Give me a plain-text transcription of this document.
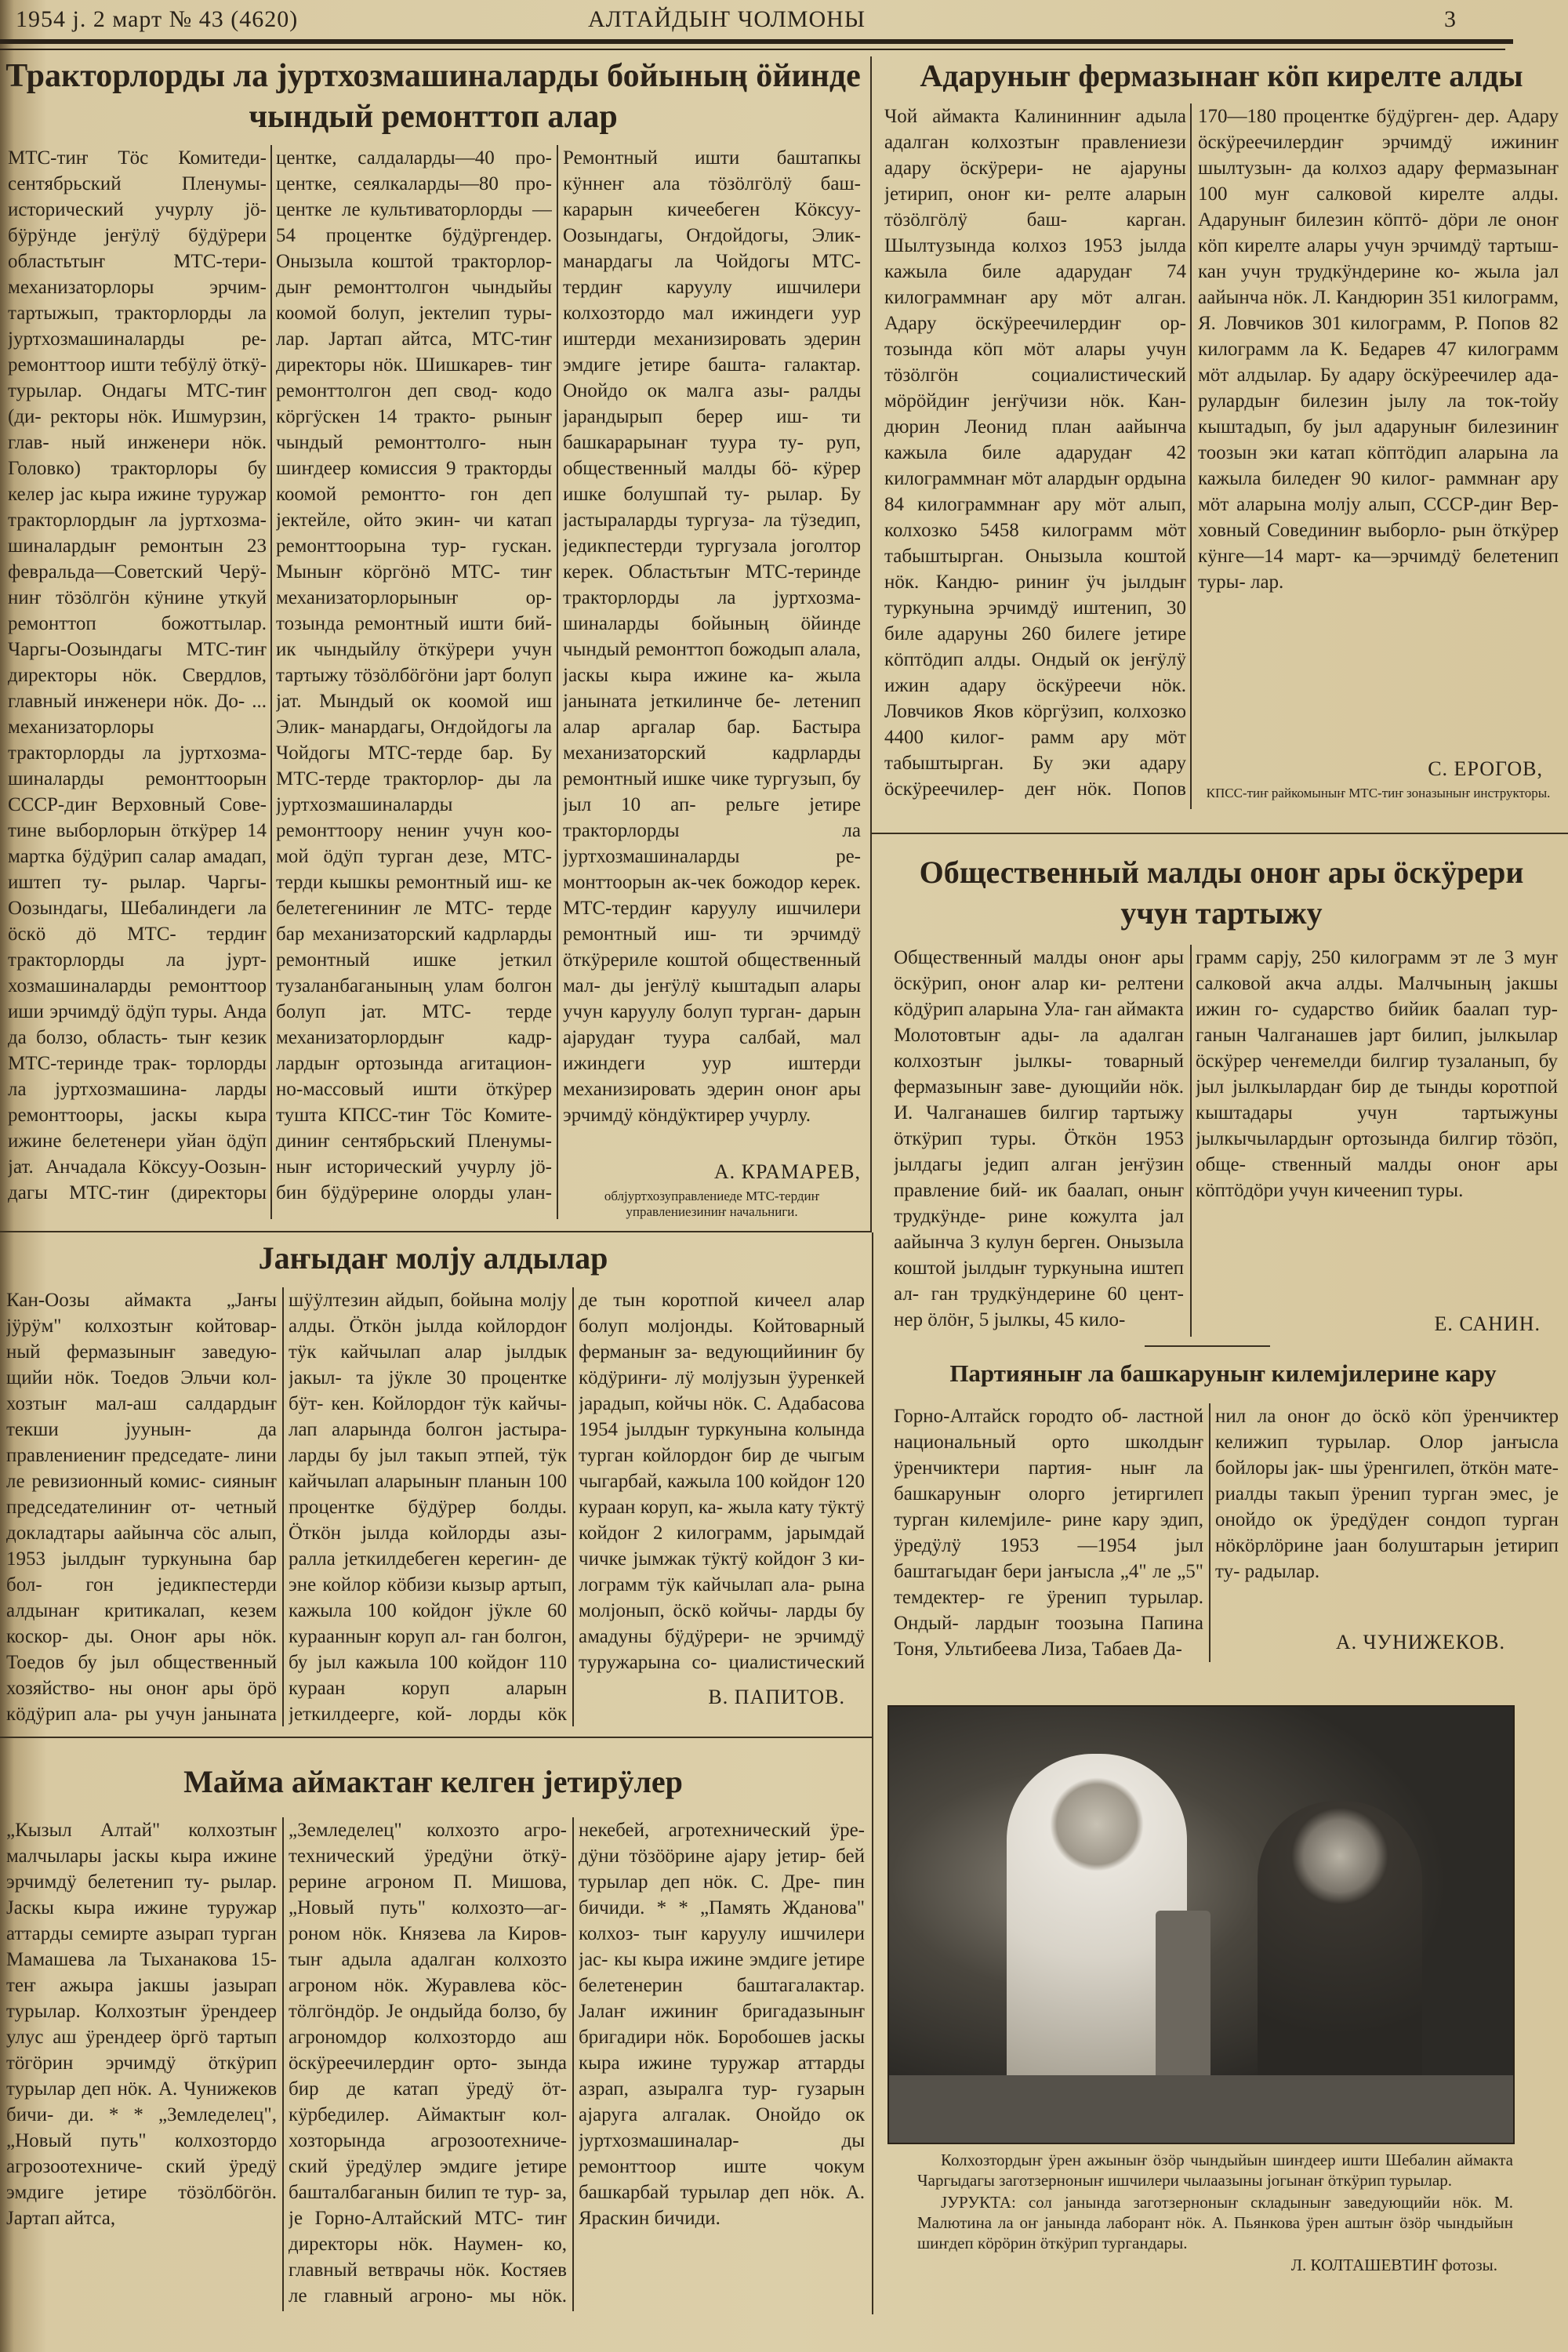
1954 ј. 2 март № 43 (4620)	АЛТАЙДЫҤ ЧОЛМОНЫ	3
Тракторлорды ла јуртхозмашиналарды бойының ӧйинде
чындый ремонттоп алар
МТС-тиҥ Тӧс Комитеди- сентябрьский Пленумы- исторический учурлу јӧ- бӱрӱнде јеҥӱлӱ бӱдӱрери областьтыҥ МТС-тери- механизаторлоры эрчим- тартыжып, тракторлорды ла јуртхозмашиналарды ре- ремонттоор ишти тебӱлӱ ӧткӱ- турылар. Ондагы МТС-тиҥ (ди- ректоры нӧк. Ишмурзин, глав- ный инженери нӧк. Головко) тракторлоры бу келер јас кыра ижине туружар тракторлордыҥ ла јуртхозма- шиналардыҥ ремонтын 23 февральда—Советский Черӱ- ниҥ тӧзӧлгӧн кӱнине уткуй ремонттоп божоттылар. Чаргы-Оозындагы МТС-тиҥ директоры нӧк. Свердлов, главный инженери нӧк. До- ... механизаторлоры тракторлорды ла јуртхозма- шиналарды ремонттоорын СССР-диҥ Верховный Сове- тине выборлорын ӧткӱрер 14 мартка бӱдӱрип салар амадап, иштеп ту- рылар. Чаргы-Оозындагы, Шебалиндеги ла ӧскӧ дӧ МТС- тердиҥ тракторлорды ла јурт- хозмашиналарды ремонттоор иши эрчимдӱ ӧдӱп туры. Анда да болзо, область- тыҥ кезик МТС-теринде трак- торлорды ла јуртхозмашина- ларды ремонттооры, јаскы кыра ижине белетенери уйан ӧдӱп јат. Анчадала Кӧксуу-Оозын- дагы МТС-тиҥ (директоры
центке, салдаларды—40 про- центке, сеялкаларды—80 про- центке ле культиваторлорды —54 процентке бӱдӱргендер. Онызыла коштой тракторлор- дыҥ ремонттолгон чындыйы коомой болуп, јектелип туры- лар. Јартап айтса, МТС-тиҥ директоры нӧк. Шишкарев- тиҥ ремонттолгон деп свод- кодо кӧргӱскен 14 тракто- рыныҥ чындый ремонттолго- нын шиҥдеер комиссия 9 тракторды коомой ремонтто- гон деп јектейле, ойто экин- чи катап ремонттоорына тур- гускан. Мыныҥ кӧргӧнӧ МТС- тиҥ механизаторлорыныҥ ор- тозында ремонтный ишти бий- ик чындыйлу ӧткӱрери учун тартыжу тӧзӧлбӧгӧни јарт болуп јат. Мындый ок коомой иш Элик- манардагы, Оҥдойдогы ла Чойдогы МТС-терде бар. Бу МТС-терде тракторлор- ды ла јуртхозмашиналарды ремонттоору нениҥ учун коо- мой ӧдӱп турган дезе, МТС- терди кышкы ремонтный иш- ке белетегениниҥ ле МТС- терде бар механизаторский кадрларды ремонтный ишке јеткил тузаланбаганының улам болгон болуп јат. МТС- терде механизаторлордыҥ кадр- лардыҥ ортозында агитацион- но-массовый ишти ӧткӱрер тушта КПСС-тиҥ Тӧс Комите- диниҥ сентябрьский Пленумы- ныҥ исторический учурлу јӧ- бин бӱдӱрерине олорды улан-
Ремонтный ишти баштапкы кӱннеҥ ала тӧзӧлгӧлӱ баш- карарын кичеебеген Кӧксуу- Оозындагы, Оҥдойдогы, Элик- манардагы ла Чойдогы МТС- тердиҥ каруулу ишчилери колхозтордо мал ижиндеги уур иштерди механизировать эдерин эмдиге јетире башта- галактар. Онойдо ок малга азы- ралды јарандырып берер иш- ти башкарарынаҥ туура ту- руп, общественный малды бӧ- кӱрер ишке болушпай ту- рылар. Бу јастыраларды тургуза- ла тӱзедип, једикпестерди тургузала јоголтор керек. Областьтыҥ МТС-теринде тракторлорды ла јуртхозма- шиналарды бойының ӧйинде чындый ремонттоп божодып алала, јаскы кыра ижине ка- жыла јаныната јеткилинче бе- летенип алар аргалар бар. Бастыра механизаторский кадрларды ремонтный ишке чике тургузып, бу јыл 10 ап- рельге јетире тракторлорды ла јуртхозмашиналарды ре- монттоорын ак-чек божодор керек. МТС-тердиҥ каруулу ишчилери ремонтный иш- ти эрчимдӱ ӧткӱрериле коштой общественный мал- ды јеҥӱлӱ кыштадып алары учун каруулу болуп турган- дарын ајарудаҥ туура салбай, мал ижиндеги уур иштерди механизировать эдерин оноҥ ары эрчимдӱ кӧндӱктирер учурлу.
А. КРАМАРЕВ,
облјуртхозуправлениеде МТС-тердиҥ управлениезиниҥ начальниги.
Адаруныҥ фермазынаҥ кӧп кирелте алды
Чой аймакта Калининниҥ адыла адалган колхозтыҥ правлениези адару ӧскӱрери- не ајаруны јетирип, оноҥ ки- релте аларын тӧзӧлгӧлӱ баш- карган. Шылтузында колхоз 1953 јылда кажыла биле адарудаҥ 74 килограммнаҥ ару мӧт алган. Адару ӧскӱреечилердиҥ ор- тозында кӧп мӧт алары учун тӧзӧлгӧн социалистический мӧрӧйдиҥ јеҥӱчизи нӧк. Кан- дюрин Леонид план аайынча кажыла биле адарудаҥ 42 килограммнаҥ мӧт алардыҥ ордына 84 килограммнаҥ ару мӧт алып, колхозко 5458 килограмм мӧт табыштырган. Онызыла коштой нӧк. Кандю- риниҥ ӱч јылдыҥ туркунына эрчимдӱ иштенип, 30 биле адаруны 260 билеге јетире кӧптӧдип алды. Ондый ок јеҥӱлӱ ижин адару ӧскӱреечи нӧк. Ловчиков Яков кӧргӱзип, колхозко 4400 килог- рамм ару мӧт табыштырган. Бу эки адару ӧскӱреечилер- деҥ нӧк. Попов
170—180 процентке бӱдӱрген- дер. Адару ӧскӱреечилердиҥ эрчимдӱ ижиниҥ шылтузын- да колхоз адару фермазынаҥ 100 муҥ салковой кирелте алды. Адаруныҥ билезин кӧптӧ- дӧри ле оноҥ кӧп кирелте алары учун эрчимдӱ тартыш- кан учун трудкӱндерине ко- жыла јал аайынча нӧк. Л. Кандюрин 351 килограмм, Я. Ловчиков 301 килограмм, Р. Попов 82 килограмм ла К. Бедарев 47 килограмм мӧт алдылар. Бу адару ӧскӱреечилер ада- рулардыҥ билезин јылу ла ток-тойу кыштадып, бу јыл адаруныҥ билезиниҥ тоозын эки катап кӧптӧдип аларына ла кажыла биледеҥ 90 килог- раммнаҥ ару мӧт аларына молју алып, СССР-диҥ Вер- ховный Совединиҥ выборло- рын ӧткӱрер кӱнге—14 март- ка—эрчимдӱ белетенип туры- лар.
С. ЕРОГОВ,
КПСС-тиҥ райкомыныҥ МТС-тиҥ зоназыныҥ инструкторы.
Общественный малды оноҥ ары ӧскӱрери
учун тартыжу
Общественный малды оноҥ ары ӧскӱрип, оноҥ алар ки- релтени кӧдӱрип аларына Ула- ган аймакта Молотовтыҥ ады- ла адалган колхозтыҥ јылкы- товарный фермазыныҥ заве- дующийи нӧк. И. Чалганашев билгир тартыжу ӧткӱрип туры. Ӧткӧн 1953 јылдагы једип алган јеҥӱзин правление бий- ик баалап, оныҥ трудкӱнде- рине кожулта јал аайынча 3 кулун берген. Онызыла коштой јылдыҥ туркунына иштеп ал- ган трудкӱндерине 60 цент- нер ӧлӧҥ, 5 јылкы, 45 кило-
грамм сарју, 250 килограмм эт ле 3 муҥ салковой акча алды. Малчының јакшы ижин го- сударство бийик баалап тур- ганын Чалганашев јарт билип, јылкылар ӧскӱрер чеҥемелди билгир тузаланып, бу јыл јылкылардаҥ бир де тынды коротпой кыштадары учун тартыжуны јылкычылардыҥ ортозында билгир тӧзӧп, обще- ственный малды оноҥ ары кӧптӧдӧри учун кичеенип туры.
Е. САНИН.
Партияныҥ ла башкаруныҥ килемјилерине кару
Горно-Алтайск городто об- ластной национальный орто школдыҥ ӱренчиктери партия- ныҥ ла башкаруныҥ олорго јетиргилеп турган килемјиле- рине кару эдип, ӱредӱлӱ 1953 —1954 јыл баштагыдаҥ бери јаҥысла „4" ле „5" темдектер- ге ӱренип турылар. Ондый- лардыҥ тоозына Папина Тоня, Ультибеева Лиза, Табаев Да-
нил ла оноҥ до ӧскӧ кӧп ӱренчиктер келижип турылар. Олор јаҥысла бойлоры јак- шы ӱренгилеп, ӧткӧн мате- риалды такып ӱренип турган эмес, је онойдо ок ӱредӱдеҥ сондоп турган нӧкӧрлӧрине јаан болуштарын јетирип ту- радылар.
А. ЧУНИЖЕКОВ.
Колхозтордыҥ ӱрен ажыныҥ ӧзӧр чындыйын шиҥдеер ишти Шебалин аймакта Чаргыдагы заготзерноныҥ ишчилери чылаазыны јогынаҥ ӧткӱрип турылар.
ЈУРУКТА: сол јанында заготзерноныҥ складыныҥ заведующийи нӧк. М. Малютина ла оҥ јанында лаборант нӧк. А. Пьянкова ӱрен аштыҥ ӧзӧр чындыйын шиҥдеп кӧрӧрин ӧткӱрип тургандары.
Л. КОЛТАШЕВТИҤ фотозы.
Јаҥыдаҥ молју алдылар
Кан-Оозы аймакта „Јаҥы јӱрӱм" колхозтыҥ койтовар- ный фермазыныҥ заведую- щийи нӧк. Тоедов Эльчи кол- хозтыҥ мал-аш салдардыҥ текши јуунын- да правлениениҥ председате- лини ле ревизионный комис- сияныҥ председателиниҥ от- четный докладтары аайынча сӧс алып, 1953 јылдыҥ туркунына бар бол- гон једикпестерди алдынаҥ критикалап, кезем коскор- ды. Оноҥ ары нӧк. Тоедов бу јыл общественный хозяйство- ны оноҥ ары ӧрӧ кӧдӱрип ала- ры учун јаныната
шӱӱлтезин айдып, бойына молју алды. Ӧткӧн јылда койлордоҥ тӱк кайчылап алар јылдык јакыл- та јӱкле 30 процентке бӱт- кен. Койлордоҥ тӱк кайчы- лап аларында болгон јастыра- ларды бу јыл такып этпей, тӱк кайчылап аларыныҥ планын 100 процентке бӱдӱрер болды. Ӧткӧн јылда койлорды азы- ралла јеткилдебеген керегин- де эне койлор кӧбизи кызыр артып, кажыла 100 койдоҥ јӱкле 60 кураанныҥ коруп ал- ган болгон, бу јыл кажыла 100 койдоҥ 110 кураан коруп аларын јеткилдеерге, кой- лорды кӧк
де тын коротпой кичеел алар болуп молјонды. Койтоварный ферманыҥ за- ведующийиниҥ бу кӧдӱриҥи- лӱ молјузын ӱуренкей јарадып, койчы нӧк. С. Адабасова 1954 јылдыҥ туркунына колында турган койлордоҥ бир де чыгым чыгарбай, кажыла 100 койдоҥ 120 кураан коруп, ка- жыла кату тӱктӱ койдоҥ 2 килограмм, јарымдай чичке јымжак тӱктӱ койдоҥ 3 ки- лограмм тӱк кайчылап ала- рына молјонып, ӧскӧ койчы- ларды бу амадуны бӱдӱрери- не эрчимдӱ туружарына со- циалистический
В. ПАПИТОВ.
Майма аймактаҥ келген јетирӱлер
„Кызыл Алтай" колхозтыҥ малчылары јаскы кыра ижине эрчимдӱ белетенип ту- рылар. Јаскы кыра ижине туружар аттарды семирте азырап турган Мамашева ла Тыханакова 15-теҥ ажыра јакшы јазырап турылар. Колхозтыҥ ӱрендеер улус аш ӱрендеер ӧргӧ тартып тӧгӧрин эрчимдӱ ӧткӱрип турылар деп нӧк. А. Чунижеков бичи- ди. * * „Земледелец", „Новый путь" колхозтордо агрозоотехниче- ский ӱредӱ эмдиге јетире тӧзӧлбӧгӧн. Јартап айтса,
„Земледелец" колхозто агро- технический ӱредӱни ӧткӱ- рерине агроном П. Мишова, „Новый путь" колхозто—аг- роном нӧк. Князева ла Киров- тыҥ адыла адалган колхозто агроном нӧк. Журавлева кӧс- тӧлгӧндӧр. Је ондыйда болзо, бу агрономдор колхозтордо аш ӧскӱреечилердиҥ орто- зында бир де катап ӱредӱ ӧт- кӱрбедилер. Аймактыҥ кол- хозторында агрозоотехниче- ский ӱредӱлер эмдиге јетире башталбаганын билип те тур- за, је Горно-Алтайский МТС- тиҥ директоры нӧк. Наумен- ко, главный ветврачы нӧк. Костяев ле главный агроно- мы нӧк.
некебей, агротехнический ӱре- дӱни тӧзӧӧрине ајару јетир- бей турылар деп нӧк. С. Дре- пин бичиди. * * „Память Жданова" колхоз- тыҥ каруулу ишчилери јас- кы кыра ижине эмдиге јетире белетенерин баштагалактар. Јалаҥ ижиниҥ бригадазыныҥ бригадири нӧк. Боробошев јаскы кыра ижине туружар аттарды азрап, азыралга тур- гузарын ајаруга алгалак. Онойдо ок јуртхозмашиналар- ды ремонттоор иште чокум башкарбай турылар деп нӧк. А. Яраскин бичиди.
